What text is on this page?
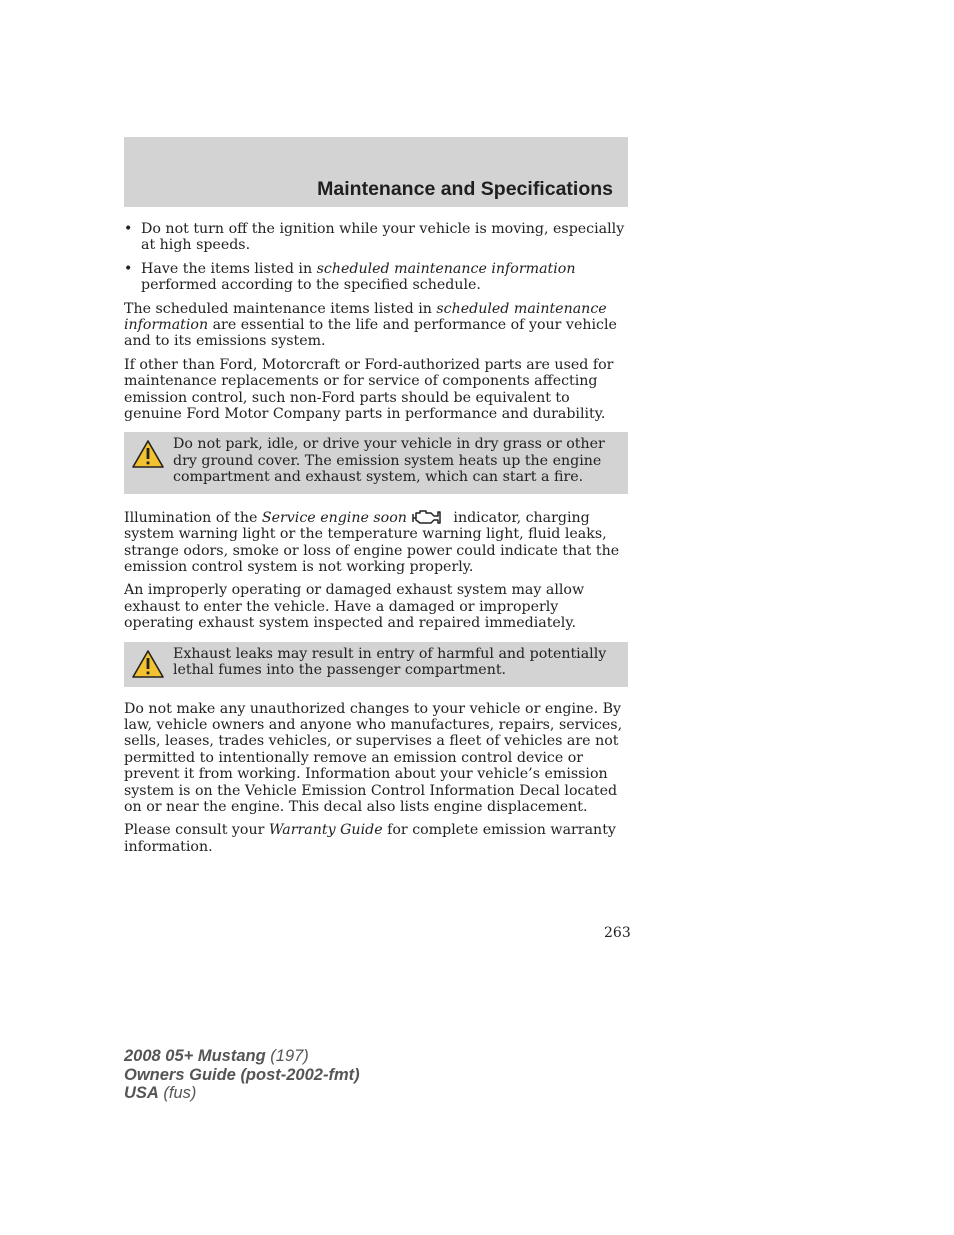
Maintenance and Specifications
• Do not turn off the ignition while your vehicle is moving, especially at high speeds.
• Have the items listed in scheduled maintenance information performed according to the specified schedule.

The scheduled maintenance items listed in scheduled maintenance information are essential to the life and performance of your vehicle and to its emissions system.

If other than Ford, Motorcraft or Ford-authorized parts are used for maintenance replacements or for service of components affecting emission control, such non-Ford parts should be equivalent to genuine Ford Motor Company parts in performance and durability.

Do not park, idle, or drive your vehicle in dry grass or other dry ground cover. The emission system heats up the engine compartment and exhaust system, which can start a fire.

Illumination of the Service engine soon	indicator, charging system warning light or the temperature warning light, fluid leaks, strange odors, smoke or loss of engine power could indicate that the emission control system is not working properly.

An improperly operating or damaged exhaust system may allow exhaust to enter the vehicle. Have a damaged or improperly operating exhaust system inspected and repaired immediately.

Exhaust leaks may result in entry of harmful and potentially lethal fumes into the passenger compartment.

Do not make any unauthorized changes to your vehicle or engine. By law, vehicle owners and anyone who manufactures, repairs, services, sells, leases, trades vehicles, or supervises a fleet of vehicles are not permitted to intentionally remove an emission control device or prevent it from working. Information about your vehicle’s emission system is on the Vehicle Emission Control Information Decal located on or near the engine. This decal also lists engine displacement.

Please consult your Warranty Guide for complete emission warranty information.

263
2008 05+ Mustang (197)
Owners Guide (post-2002-fmt)
USA (fus)
